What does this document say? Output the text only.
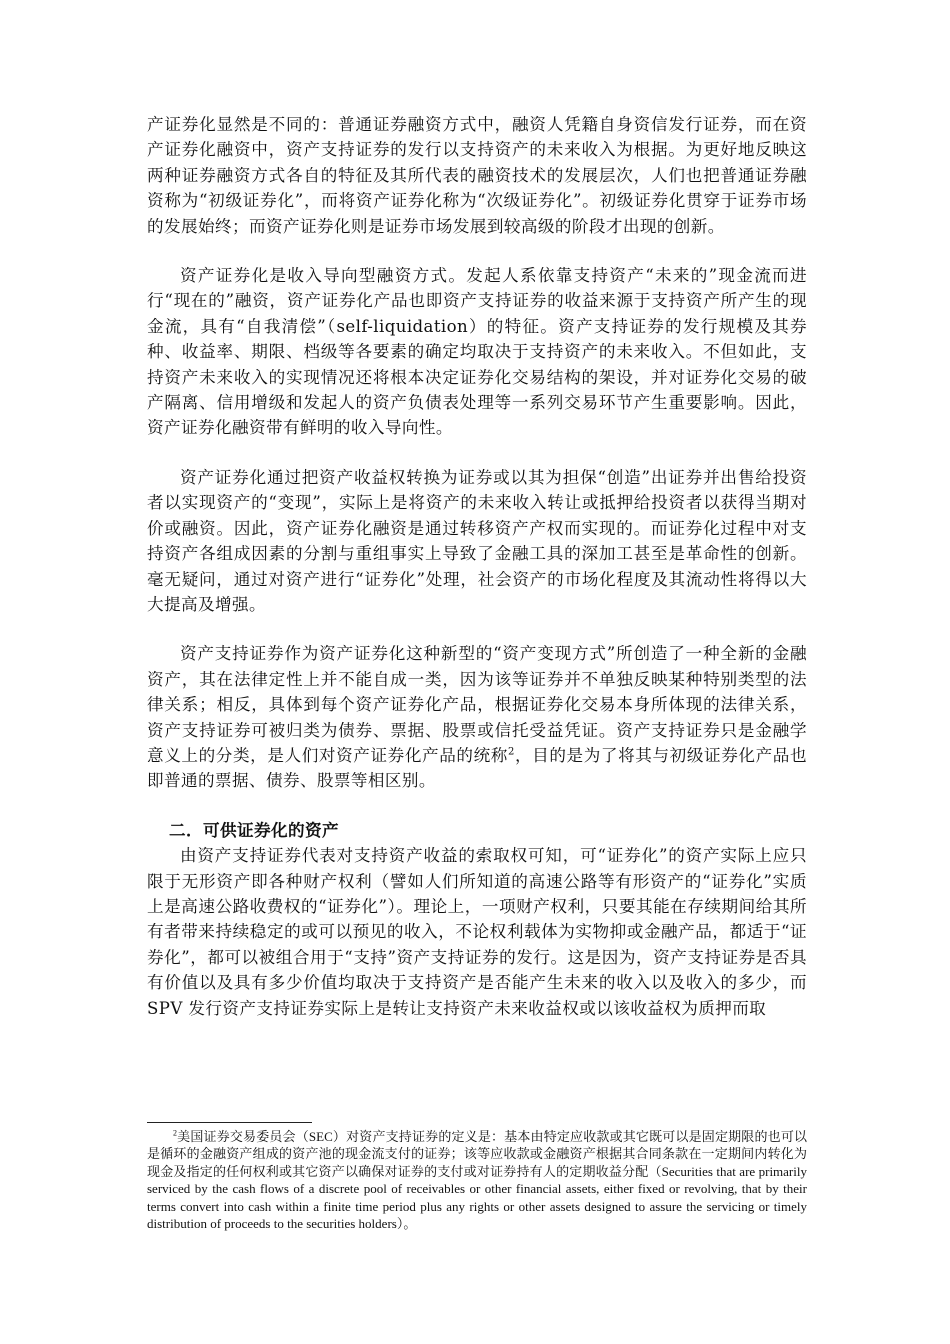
产证券化显然是不同的：普通证券融资方式中，融资人凭籍自身资信发行证券，而在资产证券化融资中，资产支持证券的发行以支持资产的未来收入为根据。为更好地反映这两种证券融资方式各自的特征及其所代表的融资技术的发展层次，人们也把普通证券融资称为“初级证券化”，而将资产证券化称为“次级证券化”。初级证券化贯穿于证券市场的发展始终；而资产证券化则是证券市场发展到较高级的阶段才出现的创新。

资产证券化是收入导向型融资方式。发起人系依靠支持资产“未来的”现金流而进行“现在的”融资，资产证券化产品也即资产支持证券的收益来源于支持资产所产生的现金流，具有“自我清偿”（self-liquidation）的特征。资产支持证券的发行规模及其券种、收益率、期限、档级等各要素的确定均取决于支持资产的未来收入。不但如此，支持资产未来收入的实现情况还将根本决定证券化交易结构的架设，并对证券化交易的破产隔离、信用增级和发起人的资产负债表处理等一系列交易环节产生重要影响。因此，资产证券化融资带有鲜明的收入导向性。

资产证券化通过把资产收益权转换为证券或以其为担保“创造”出证券并出售给投资者以实现资产的“变现”，实际上是将资产的未来收入转让或抵押给投资者以获得当期对价或融资。因此，资产证券化融资是通过转移资产产权而实现的。而证券化过程中对支持资产各组成因素的分割与重组事实上导致了金融工具的深加工甚至是革命性的创新。毫无疑问，通过对资产进行“证券化”处理，社会资产的市场化程度及其流动性将得以大大提高及增强。

资产支持证券作为资产证券化这种新型的“资产变现方式”所创造了一种全新的金融资产，其在法律定性上并不能自成一类，因为该等证券并不单独反映某种特别类型的法律关系；相反，具体到每个资产证券化产品，根据证券化交易本身所体现的法律关系，资产支持证券可被归类为债券、票据、股票或信托受益凭证。资产支持证券只是金融学意义上的分类，是人们对资产证券化产品的统称$^2$，目的是为了将其与初级证券化产品也即普通的票据、债券、股票等相区别。

二．可供证券化的资产

由资产支持证券代表对支持资产收益的索取权可知，可“证券化”的资产实际上应只限于无形资产即各种财产权利（譬如人们所知道的高速公路等有形资产的“证券化”实质上是高速公路收费权的“证券化”）。理论上，一项财产权利，只要其能在存续期间给其所有者带来持续稳定的或可以预见的收入，不论权利载体为实物抑或金融产品，都适于“证券化”，都可以被组合用于“支持”资产支持证券的发行。这是因为，资产支持证券是否具有价值以及具有多少价值均取决于支持资产是否能产生未来的收入以及收入的多少，而 SPV 发行资产支持证券实际上是转让支持资产未来收益权或以该收益权为质押而取

$^2$美国证券交易委员会（SEC）对资产支持证券的定义是：基本由特定应收款或其它既可以是固定期限的也可以是循环的金融资产组成的资产池的现金流支付的证券；该等应收款或金融资产根据其合同条款在一定期间内转化为现金及指定的任何权利或其它资产以确保对证券的支付或对证券持有人的定期收益分配（Securities that are primarily serviced by the cash flows of a discrete pool of receivables or other financial assets, either fixed or revolving, that by their terms convert into cash within a finite time period plus any rights or other assets designed to assure the servicing or timely distribution of proceeds to the securities holders）。
